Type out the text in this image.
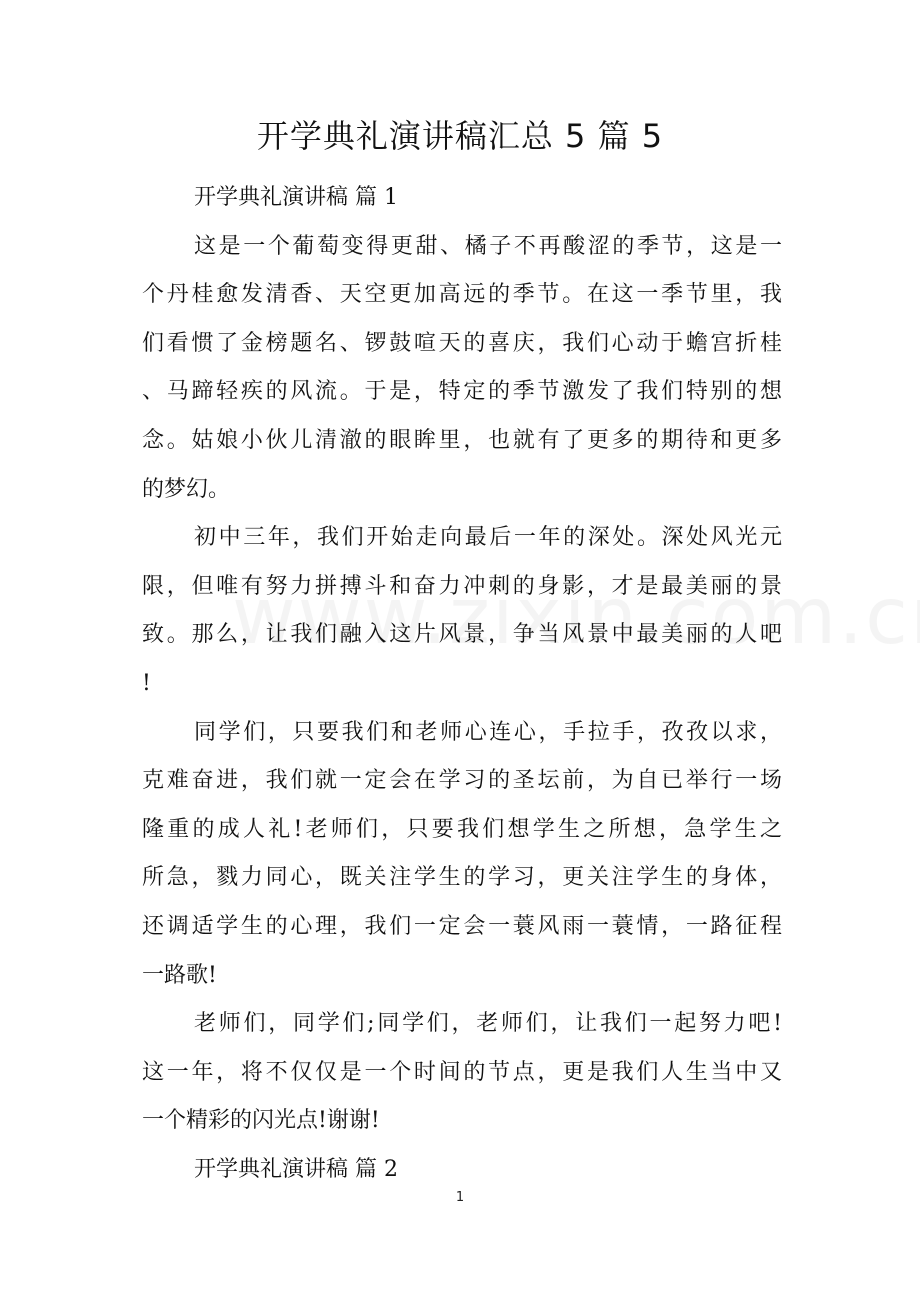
开学典礼演讲稿汇总 5 篇 5
开学典礼演讲稿 篇 1
这是一个葡萄变得更甜、橘子不再酸涩的季节，这是一
个丹桂愈发清香、天空更加高远的季节。在这一季节里，我
们看惯了金榜题名、锣鼓喧天的喜庆，我们心动于蟾宫折桂
、马蹄轻疾的风流。于是，特定的季节激发了我们特别的想
念。姑娘小伙儿清澈的眼眸里，也就有了更多的期待和更多
的梦幻。
初中三年，我们开始走向最后一年的深处。深处风光元
限，但唯有努力拼搏斗和奋力冲刺的身影，才是最美丽的景
致。那么，让我们融入这片风景，争当风景中最美丽的人吧
!
同学们，只要我们和老师心连心，手拉手，孜孜以求，
克难奋进，我们就一定会在学习的圣坛前，为自已举行一场
隆重的成人礼!老师们，只要我们想学生之所想，急学生之
所急，戮力同心，既关注学生的学习，更关注学生的身体，
还调适学生的心理，我们一定会一蓑风雨一蓑情，一路征程
一路歌!
老师们，同学们;同学们，老师们，让我们一起努力吧!
这一年，将不仅仅是一个时间的节点，更是我们人生当中又
一个精彩的闪光点!谢谢!
开学典礼演讲稿 篇 2
1
